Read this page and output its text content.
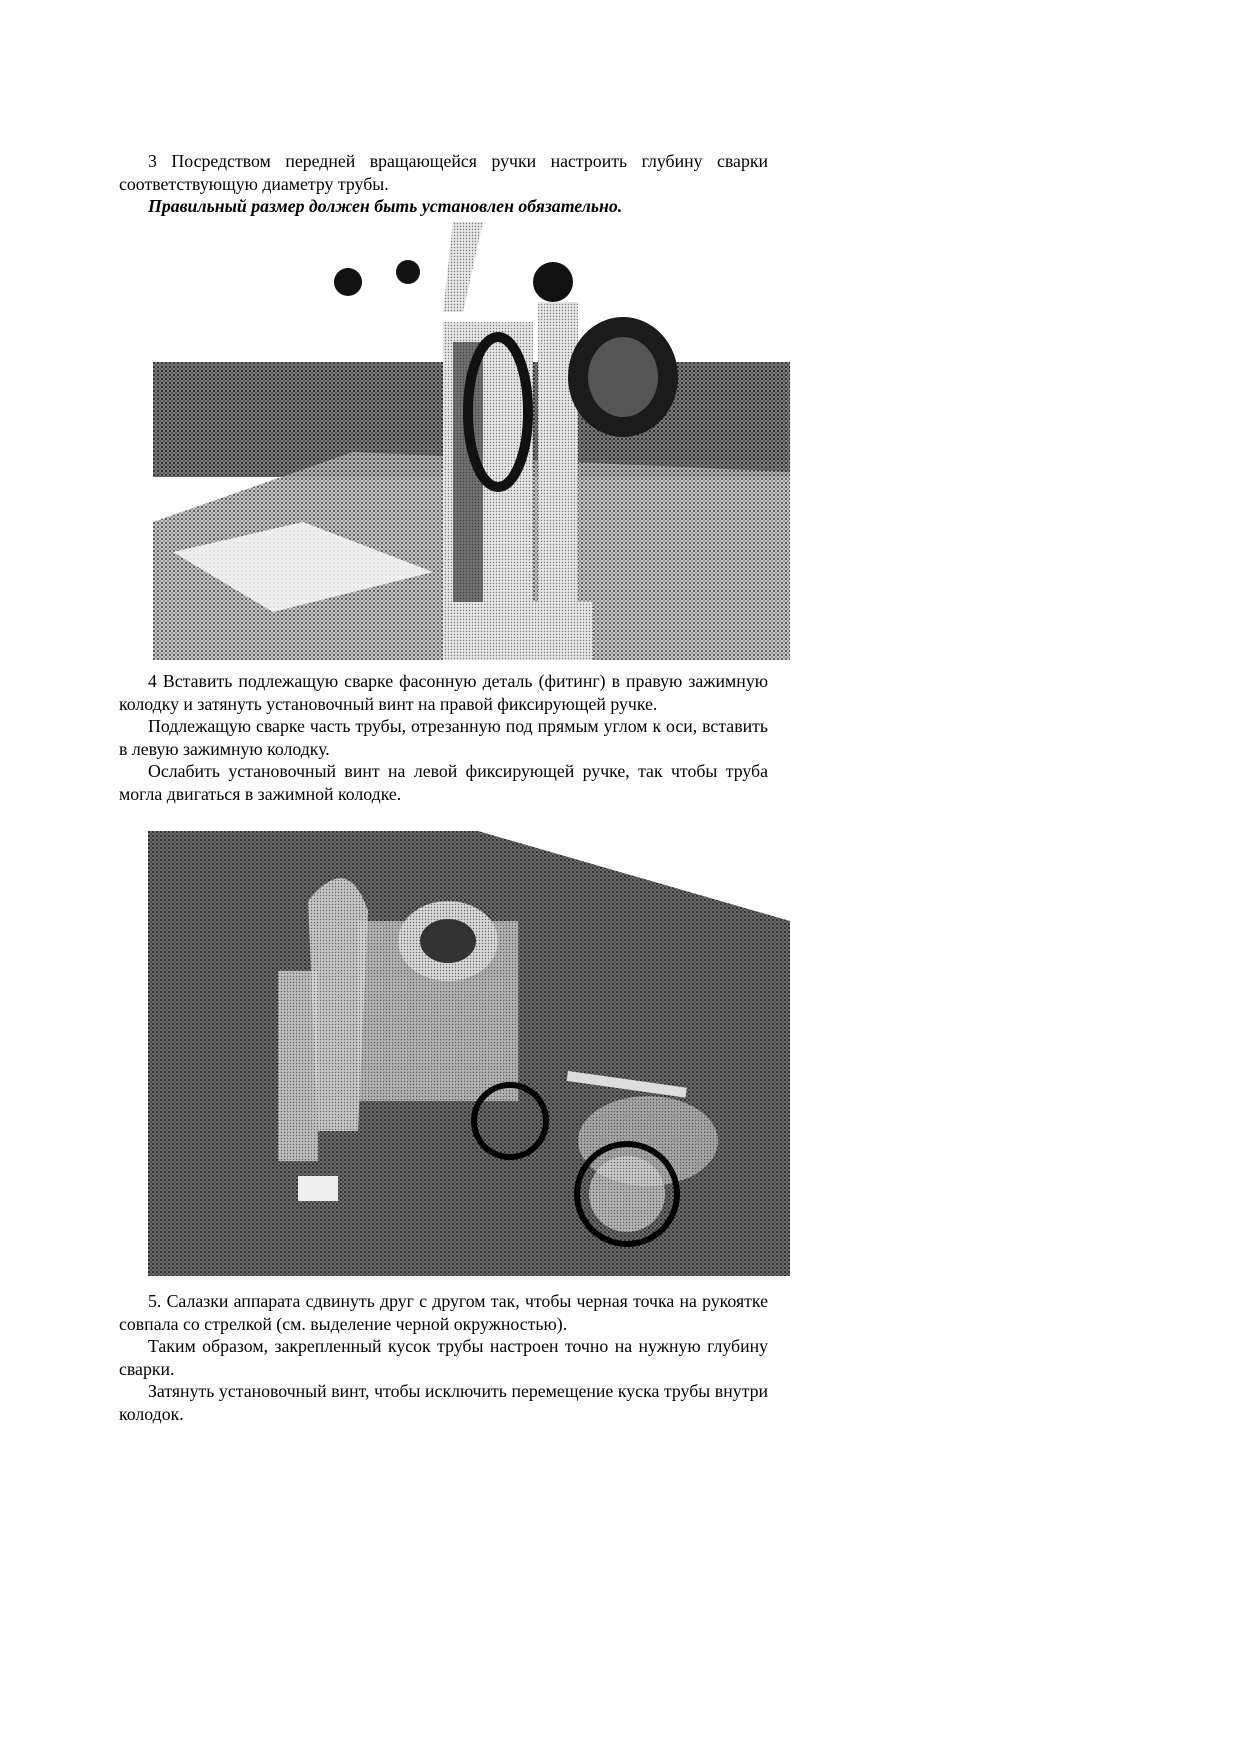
3 Посредством передней вращающейся ручки настроить глубину сварки соответствующую диаметру трубы.

Правильный размер должен быть установлен обязательно.

4 Вставить подлежащую сварке фасонную деталь (фитинг) в правую зажимную колодку и затянуть установочный винт на правой фиксирующей ручке.

Подлежащую сварке часть трубы, отрезанную под прямым углом к оси, вставить в левую зажимную колодку.

Ослабить установочный винт на левой фиксирующей ручке, так чтобы труба могла двигаться в зажимной колодке.

5. Салазки аппарата сдвинуть друг с другом так, чтобы черная точка на рукоятке совпала со стрелкой (см. выделение черной окружностью).

Таким образом, закрепленный кусок трубы настроен точно на нужную глубину сварки.

Затянуть установочный винт, чтобы исключить перемещение куска трубы внутри колодок.
